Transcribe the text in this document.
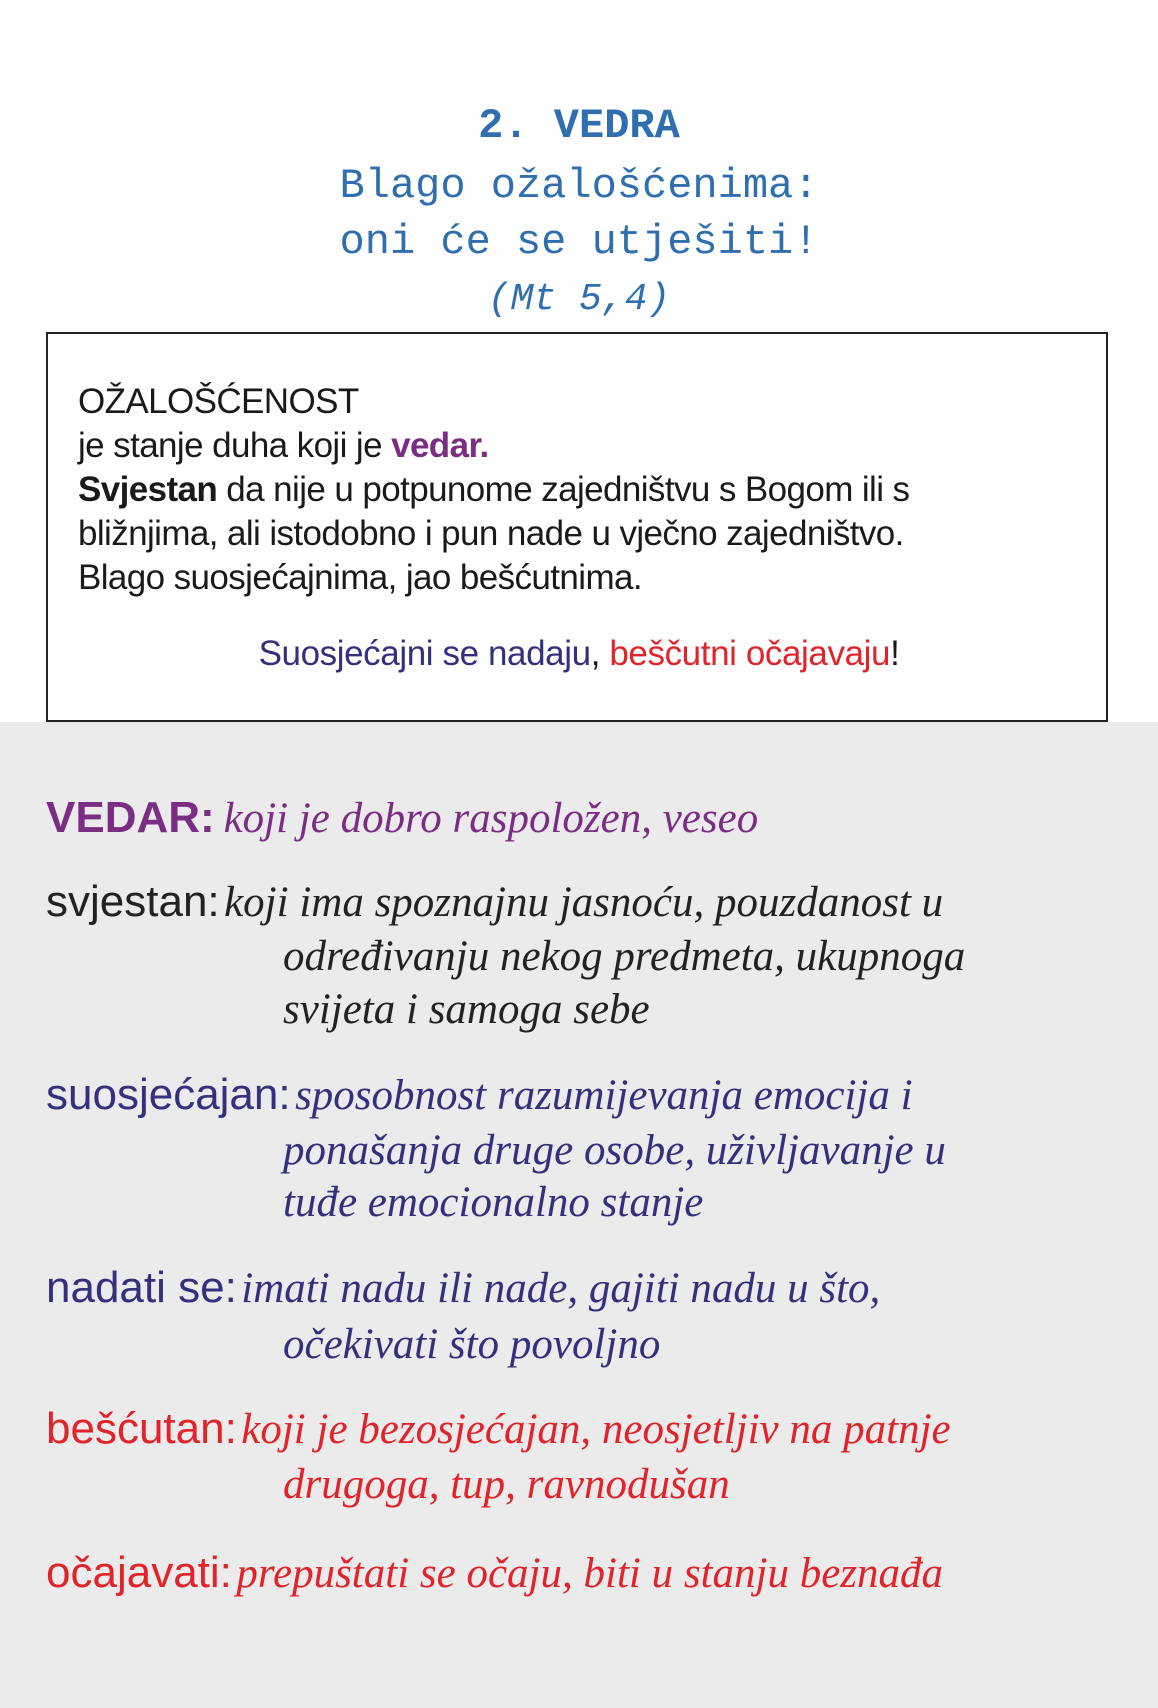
2. VEDRA
Blago ožalošćenima:
oni će se utješiti!
(Mt 5,4)

OŽALOŠĆENOST

je stanje duha koji je vedar.

Svjestan da nije u potpunome zajedništvu s Bogom ili s

bližnjima, ali istodobno i pun nade u vječno zajedništvo.

Blago suosjećajnima, jao bešćutnima.

Suosjećajni se nadaju, beščutni očajavaju!
VEDAR: koji je dobro raspoložen, veseo
svjestan: koji ima spoznajnu jasnoću, pouzdanost u
određivanju nekog predmeta, ukupnoga
svijeta i samoga sebe
suosjećajan: sposobnost razumijevanja emocija i
ponašanja druge osobe, uživljavanje u
tuđe emocionalno stanje
nadati se: imati nadu ili nade, gajiti nadu u što,
očekivati što povoljno
bešćutan: koji je bezosjećajan, neosjetljiv na patnje
drugoga, tup, ravnodušan
očajavati: prepuštati se očaju, biti u stanju beznađa
